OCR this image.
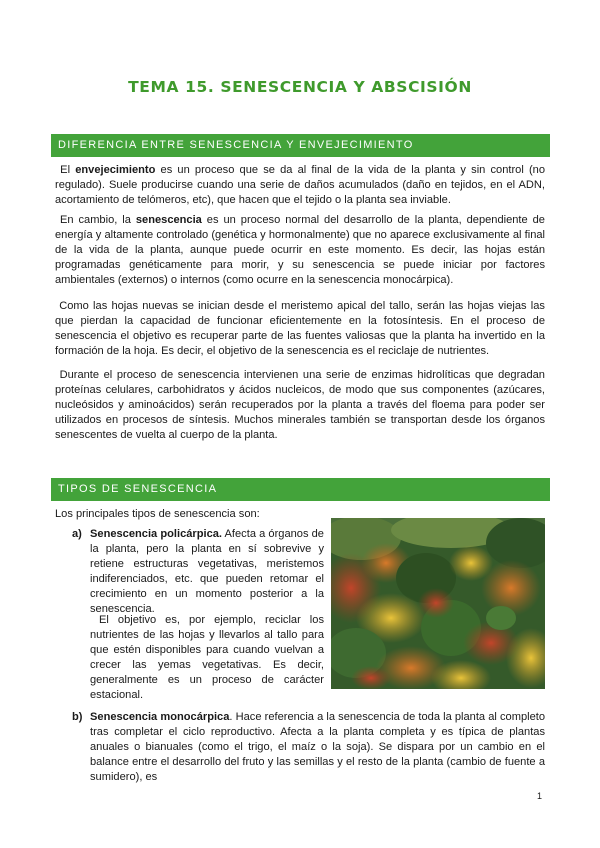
TEMA 15. SENESCENCIA Y ABSCISIÓN
DIFERENCIA ENTRE SENESCENCIA Y ENVEJECIMIENTO
El envejecimiento es un proceso que se da al final de la vida de la planta y sin control (no regulado). Suele producirse cuando una serie de daños acumulados (daño en tejidos, en el ADN, acortamiento de telómeros, etc), que hacen que el tejido o la planta sea inviable.
En cambio, la senescencia es un proceso normal del desarrollo de la planta, dependiente de energía y altamente controlado (genética y hormonalmente) que no aparece exclusivamente al final de la vida de la planta, aunque puede ocurrir en este momento. Es decir, las hojas están programadas genéticamente para morir, y su senescencia se puede iniciar por factores ambientales (externos) o internos (como ocurre en la senescencia monocárpica).
Como las hojas nuevas se inician desde el meristemo apical del tallo, serán las hojas viejas las que pierdan la capacidad de funcionar eficientemente en la fotosíntesis. En el proceso de senescencia el objetivo es recuperar parte de las fuentes valiosas que la planta ha invertido en la formación de la hoja. Es decir, el objetivo de la senescencia es el reciclaje de nutrientes.
Durante el proceso de senescencia intervienen una serie de enzimas hidrolíticas que degradan proteínas celulares, carbohidratos y ácidos nucleicos, de modo que sus componentes (azúcares, nucleósidos y aminoácidos) serán recuperados por la planta a través del floema para poder ser utilizados en procesos de síntesis. Muchos minerales también se transportan desde los órganos senescentes de vuelta al cuerpo de la planta.
TIPOS DE SENESCENCIA
Los principales tipos de senescencia son:
a) Senescencia policárpica. Afecta a órganos de la planta, pero la planta en sí sobrevive y retiene estructuras vegetativas, meristemos indiferenciados, etc. que pueden retomar el crecimiento en un momento posterior a la senescencia.
El objetivo es, por ejemplo, reciclar los nutrientes de las hojas y llevarlos al tallo para que estén disponibles para cuando vuelvan a crecer las yemas vegetativas. Es decir, generalmente es un proceso de carácter estacional.
b) Senescencia monocárpica. Hace referencia a la senescencia de toda la planta al completo tras completar el ciclo reproductivo. Afecta a la planta completa y es típica de plantas anuales o bianuales (como el trigo, el maíz o la soja). Se dispara por un cambio en el balance entre el desarrollo del fruto y las semillas y el resto de la planta (cambio de fuente a sumidero), es
1
